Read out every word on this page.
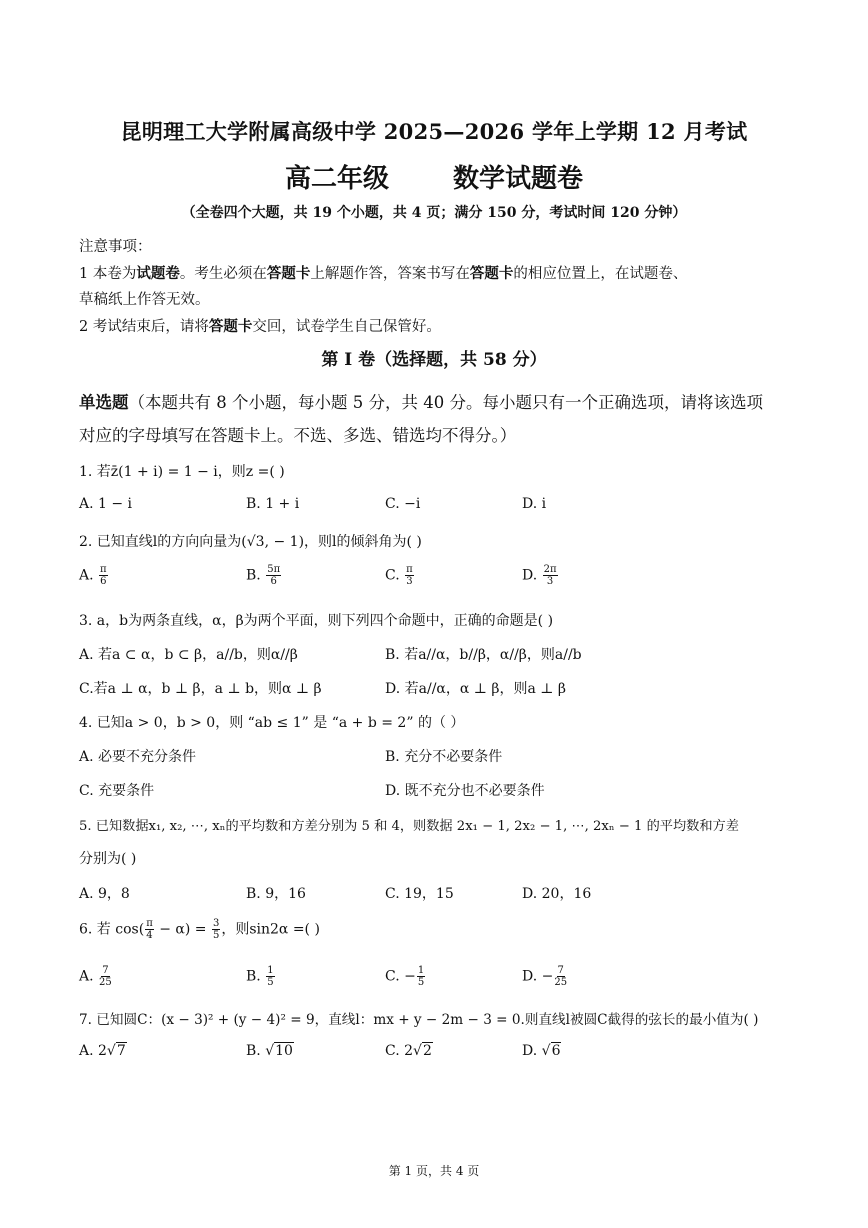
昆明理工大学附属高级中学 2025—2026 学年上学期 12 月考试
高二年级 数学试题卷
（全卷四个大题，共 19 个小题，共 4 页；满分 150 分，考试时间 120 分钟）
注意事项：
1 本卷为试题卷。考生必须在答题卡上解题作答，答案书写在答题卡的相应位置上，在试题卷、
草稿纸上作答无效。
2 考试结束后，请将答题卡交回，试卷学生自己保管好。
第 I 卷（选择题，共 58 分）
单选题（本题共有 8 个小题，每小题 5 分，共 40 分。每小题只有一个正确选项，请将该选项
对应的字母填写在答题卡上。不选、多选、错选均不得分。）
1. 若z̄(1 + i) = 1 − i，则z =( )
A. 1 − i	B. 1 + i	C. −i	D. i
2. 已知直线l的方向向量为(√3, − 1)，则l的倾斜角为( )
A. $\frac{\pi}{6}$	B. $\frac{5\pi}{6}$	C. $\frac{\pi}{3}$	D. $\frac{2\pi}{3}$
3. a，b为两条直线，α，β为两个平面，则下列四个命题中，正确的命题是( )
A. 若a ⊂ α，b ⊂ β，a//b，则α//β	B. 若a//α，b//β，α//β，则a//b
C.若a ⊥ α，b ⊥ β，a ⊥ b，则α ⊥ β	D. 若a//α，α ⊥ β，则a ⊥ β
4. 已知a > 0，b > 0，则 “ab ≤ 1” 是 “a + b = 2” 的（ ）
A. 必要不充分条件	B. 充分不必要条件
C. 充要条件	D. 既不充分也不必要条件
5. 已知数据x₁, x₂, ⋯, xₙ的平均数和方差分别为 5 和 4，则数据 2x₁ − 1, 2x₂ − 1, ⋯, 2xₙ − 1 的平均数和方差
分别为( )
A. 9，8	B. 9，16	C. 19，15	D. 20，16
6. 若 $\cos( \frac{\pi}{4} - \alpha) = \frac{3}{5}$ ，则sin2α =( )
A. $\frac{7}{25}$	B. $\frac{1}{5}$	C. − $\frac{1}{5}$	D. − $\frac{7}{25}$
7. 已知圆C：(x − 3)² + (y − 4)² = 9，直线l：mx + y − 2m − 3 = 0.则直线l被圆C截得的弦长的最小值为( )
A. 2√7	B. √10	C. 2√2	D. √6
第 1 页，共 4 页
